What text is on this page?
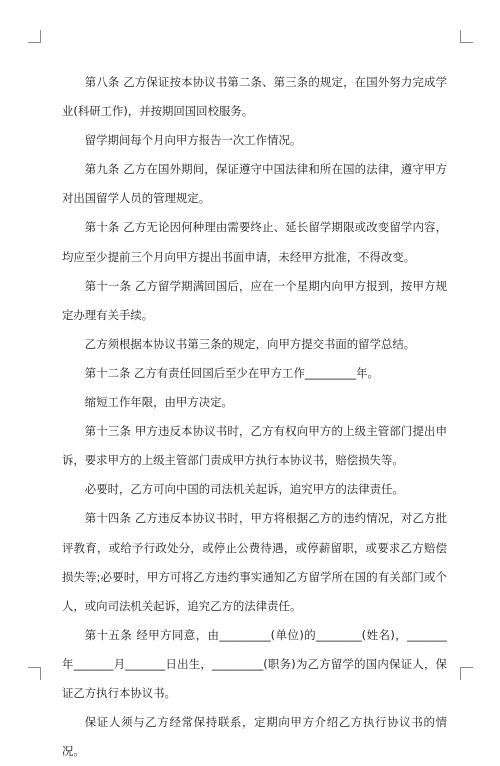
第八条 乙方保证按本协议书第二条、第三条的规定，在国外努力完成学业(科研工作)，并按期回国回校服务。

留学期间每个月向甲方报告一次工作情况。

第九条 乙方在国外期间，保证遵守中国法律和所在国的法律，遵守甲方对出国留学人员的管理规定。

第十条 乙方无论因何种理由需要终止、延长留学期限或改变留学内容，均应至少提前三个月向甲方提出书面申请，未经甲方批准，不得改变。

第十一条 乙方留学期满回国后，应在一个星期内向甲方报到，按甲方规定办理有关手续。

乙方须根据本协议书第三条的规定，向甲方提交书面的留学总结。

第十二条 乙方有责任回国后至少在甲方工作_________年。

缩短工作年限，由甲方决定。

第十三条 甲方违反本协议书时，乙方有权向甲方的上级主管部门提出申诉，要求甲方的上级主管部门责成甲方执行本协议书，赔偿损失等。

必要时，乙方可向中国的司法机关起诉，追究甲方的法律责任。

第十四条 乙方违反本协议书时，甲方将根据乙方的违约情况，对乙方批评教育，或给予行政处分，或停止公费待遇，或停薪留职，或要求乙方赔偿损失等;必要时，甲方可将乙方违约事实通知乙方留学所在国的有关部门或个人，或向司法机关起诉，追究乙方的法律责任。

第十五条 经甲方同意，由_________(单位)的________(姓名)，_______年_______月_______日出生，_________(职务)为乙方留学的国内保证人，保证乙方执行本协议书。

保证人须与乙方经常保持联系，定期向甲方介绍乙方执行协议书的情况。
